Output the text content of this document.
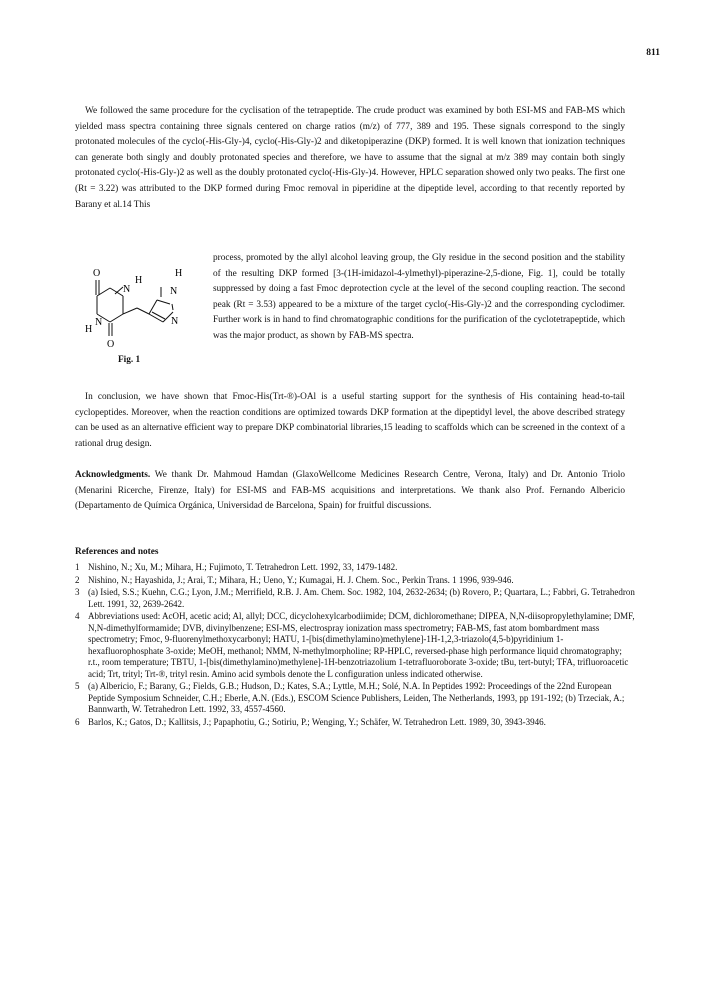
811
We followed the same procedure for the cyclisation of the tetrapeptide. The crude product was examined by both ESI-MS and FAB-MS which yielded mass spectra containing three signals centered on charge ratios (m/z) of 777, 389 and 195. These signals correspond to the singly protonated molecules of the cyclo(-His-Gly-)4, cyclo(-His-Gly-)2 and diketopiperazine (DKP) formed. It is well known that ionization techniques can generate both singly and doubly protonated species and therefore, we have to assume that the signal at m/z 389 may contain both singly protonated cyclo(-His-Gly-)2 as well as the doubly protonated cyclo(-His-Gly-)4. However, HPLC separation showed only two peaks. The first one (Rt = 3.22) was attributed to the DKP formed during Fmoc removal in piperidine at the dipeptide level, according to that recently reported by Barany et al.14 This
O	H
N
H
N
H
N	N
O
Fig. 1
process, promoted by the allyl alcohol leaving group, the Gly residue in the second position and the stability of the resulting DKP formed [3-(1H-imidazol-4-ylmethyl)-piperazine-2,5-dione, Fig. 1], could be totally suppressed by doing a fast Fmoc deprotection cycle at the level of the second coupling reaction. The second peak (Rt = 3.53) appeared to be a mixture of the target cyclo(-His-Gly-)2 and the corresponding cyclodimer. Further work is in hand to find chromatographic conditions for the purification of the cyclotetrapeptide, which was the major product, as shown by FAB-MS spectra.
In conclusion, we have shown that Fmoc-His(Trt-®)-OAl is a useful starting support for the synthesis of His containing head-to-tail cyclopeptides. Moreover, when the reaction conditions are optimized towards DKP formation at the dipeptidyl level, the above described strategy can be used as an alternative efficient way to prepare DKP combinatorial libraries,15 leading to scaffolds which can be screened in the context of a rational drug design.
Acknowledgments. We thank Dr. Mahmoud Hamdan (GlaxoWellcome Medicines Research Centre, Verona, Italy) and Dr. Antonio Triolo (Menarini Ricerche, Firenze, Italy) for ESI-MS and FAB-MS acquisitions and interpretations. We thank also Prof. Fernando Albericio (Departamento de Química Orgánica, Universidad de Barcelona, Spain) for fruitful discussions.
References and notes
1 Nishino, N.; Xu, M.; Mihara, H.; Fujimoto, T. Tetrahedron Lett. 1992, 33, 1479-1482.
2 Nishino, N.; Hayashida, J.; Arai, T.; Mihara, H.; Ueno, Y.; Kumagai, H. J. Chem. Soc., Perkin Trans. 1 1996, 939-946.
3 (a) Isied, S.S.; Kuehn, C.G.; Lyon, J.M.; Merrifield, R.B. J. Am. Chem. Soc. 1982, 104, 2632-2634; (b) Rovero, P.; Quartara, L.; Fabbri, G. Tetrahedron Lett. 1991, 32, 2639-2642.
4 Abbreviations used: AcOH, acetic acid; Al, allyl; DCC, dicyclohexylcarbodiimide; DCM, dichloromethane; DIPEA, N,N-diisopropylethylamine; DMF, N,N-dimethylformamide; DVB, divinylbenzene; ESI-MS, electrospray ionization mass spectrometry; FAB-MS, fast atom bombardment mass spectrometry; Fmoc, 9-fluorenylmethoxycarbonyl; HATU, 1-[bis(dimethylamino)methylene]-1H-1,2,3-triazolo(4,5-b)pyridinium 1-hexafluorophosphate 3-oxide; MeOH, methanol; NMM, N-methylmorpholine; RP-HPLC, reversed-phase high performance liquid chromatography; r.t., room temperature; TBTU, 1-[bis(dimethylamino)methylene]-1H-benzotriazolium 1-tetrafluoroborate 3-oxide; tBu, tert-butyl; TFA, trifluoroacetic acid; Trt, trityl; Trt-®, trityl resin. Amino acid symbols denote the L configuration unless indicated otherwise.
5 (a) Albericio, F.; Barany, G.; Fields, G.B.; Hudson, D.; Kates, S.A.; Lyttle, M.H.; Solé, N.A. In Peptides 1992: Proceedings of the 22nd European Peptide Symposium Schneider, C.H.; Eberle, A.N. (Eds.), ESCOM Science Publishers, Leiden, The Netherlands, 1993, pp 191-192; (b) Trzeciak, A.; Bannwarth, W. Tetrahedron Lett. 1992, 33, 4557-4560.
6 Barlos, K.; Gatos, D.; Kallitsis, J.; Papaphotiu, G.; Sotiriu, P.; Wenging, Y.; Schäfer, W. Tetrahedron Lett. 1989, 30, 3943-3946.
